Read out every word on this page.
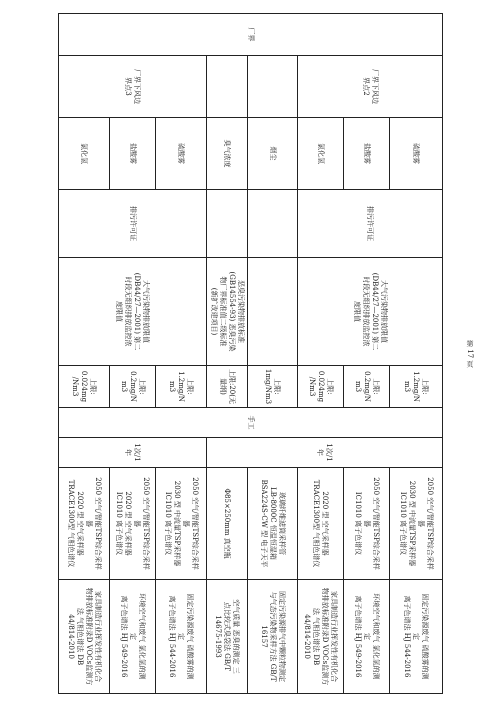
厂界	厂界下风边
界点2	硫酸雾	排污许可证	大气污染物排放限值
(DB44/27—2001) 第二
时段无组织排放监控浓
度限值	上限:
1.2mg/N
m3	手工	1次/1
年	2050 空气/智能TSP综合采样
器
2030 型 中流量TSP采样器
IC1010 离子色谱仪	固定污染源废气 硫酸雾的测
定
离子色谱法 HJ 544-2016
		盐酸雾			上限:
0.2mg/N
m3			2050 空气/智能TSP综合采样
器
IC1010 离子色谱仪	环境空气和废气 氯化氢的测
定
离子色谱法 HJ 549-2016
		氯化氢			上限:
0.024mg
/Nm3			2020 型 空气采样器
TRACE1300型 气相色谱仪	家具制造行业挥发性有机化合
物排放标准附录D VOCs监测方
法 气相色谱法 DB
44/814-2010
		烟尘			上限:
1mg/Nm3			玻璃纤维滤筒采样管
LB-8000C 恒温恒湿箱
BSA224S-CW 型 电子天平	固定污染源排气中颗粒物测定
与气态污染物采样方法 GB/T
16157
		臭气浓度		恶臭污染物排放标准
(GB14554-93) 恶臭污染
物厂界标准值二级标准
(新扩改建项目)	上限:20(无量纲)			Φ85×250mm 真空瓶	空气质量 恶臭的测定 三
点比较式臭袋法 GB/T
14675-1993
	厂界下风边
界点3	硫酸雾	排污许可证	大气污染物排放限值
(DB44/27—2001) 第二
时段无组织排放监控浓
度限值	上限:
1.2mg/N
m3		1次/1
年	2050 空气/智能TSP综合采样
器
2030 型 中流量TSP采样器
IC1010 离子色谱仪	固定污染源废气 硫酸雾的测
定
离子色谱法 HJ 544-2016
		盐酸雾			上限:
0.2mg/N
m3			2050 空气/智能TSP综合采样
器
2020 型 空气采样器
IC1010 离子色谱仪	环境空气和废气 氯化氢的测
定
离子色谱法 HJ 549-2016
		氯化氢			上限:
0.024mg
/Nm3			2050 空气/智能TSP综合采样
器
2020 型 空气采样器
TRACE1300型 气相色谱仪	家具制造行业挥发性有机化合
物排放标准附录D VOCs监测方
法 气相色谱法 DB
44/814-2010
第 17 页
